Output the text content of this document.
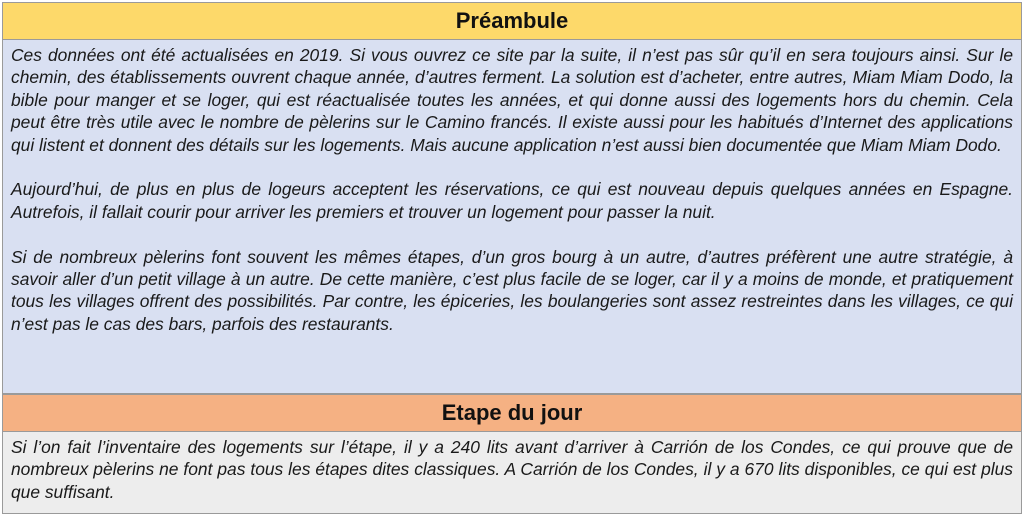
Préambule

Ces données ont été actualisées en 2019. Si vous ouvrez ce site par la suite, il n’est pas sûr qu’il en sera toujours ainsi. Sur le chemin, des établissements ouvrent chaque année, d’autres ferment. La solution est d’acheter, entre autres, Miam Miam Dodo, la bible pour manger et se loger, qui est réactualisée toutes les années, et qui donne aussi des logements hors du chemin. Cela peut être très utile avec le nombre de pèlerins sur le Camino francés. Il existe aussi pour les habitués d’Internet des applications qui listent et donnent des détails sur les logements. Mais aucune application n’est aussi bien documentée que Miam Miam Dodo.

Aujourd’hui, de plus en plus de logeurs acceptent les réservations, ce qui est nouveau depuis quelques années en Espagne. Autrefois, il fallait courir pour arriver les premiers et trouver un logement pour passer la nuit.

Si de nombreux pèlerins font souvent les mêmes étapes, d’un gros bourg à un autre, d’autres préfèrent une autre stratégie, à savoir aller d’un petit village à un autre. De cette manière, c’est plus facile de se loger, car il y a moins de monde, et pratiquement tous les villages offrent des possibilités. Par contre, les épiceries, les boulangeries sont assez restreintes dans les villages, ce qui n’est pas le cas des bars, parfois des restaurants.

Etape du jour

Si l’on fait l’inventaire des logements sur l’étape, il y a 240 lits avant d’arriver à Carrión de los Condes, ce qui prouve que de nombreux pèlerins ne font pas tous les étapes dites classiques. A Carrión de los Condes, il y a 670 lits disponibles, ce qui est plus que suffisant.
